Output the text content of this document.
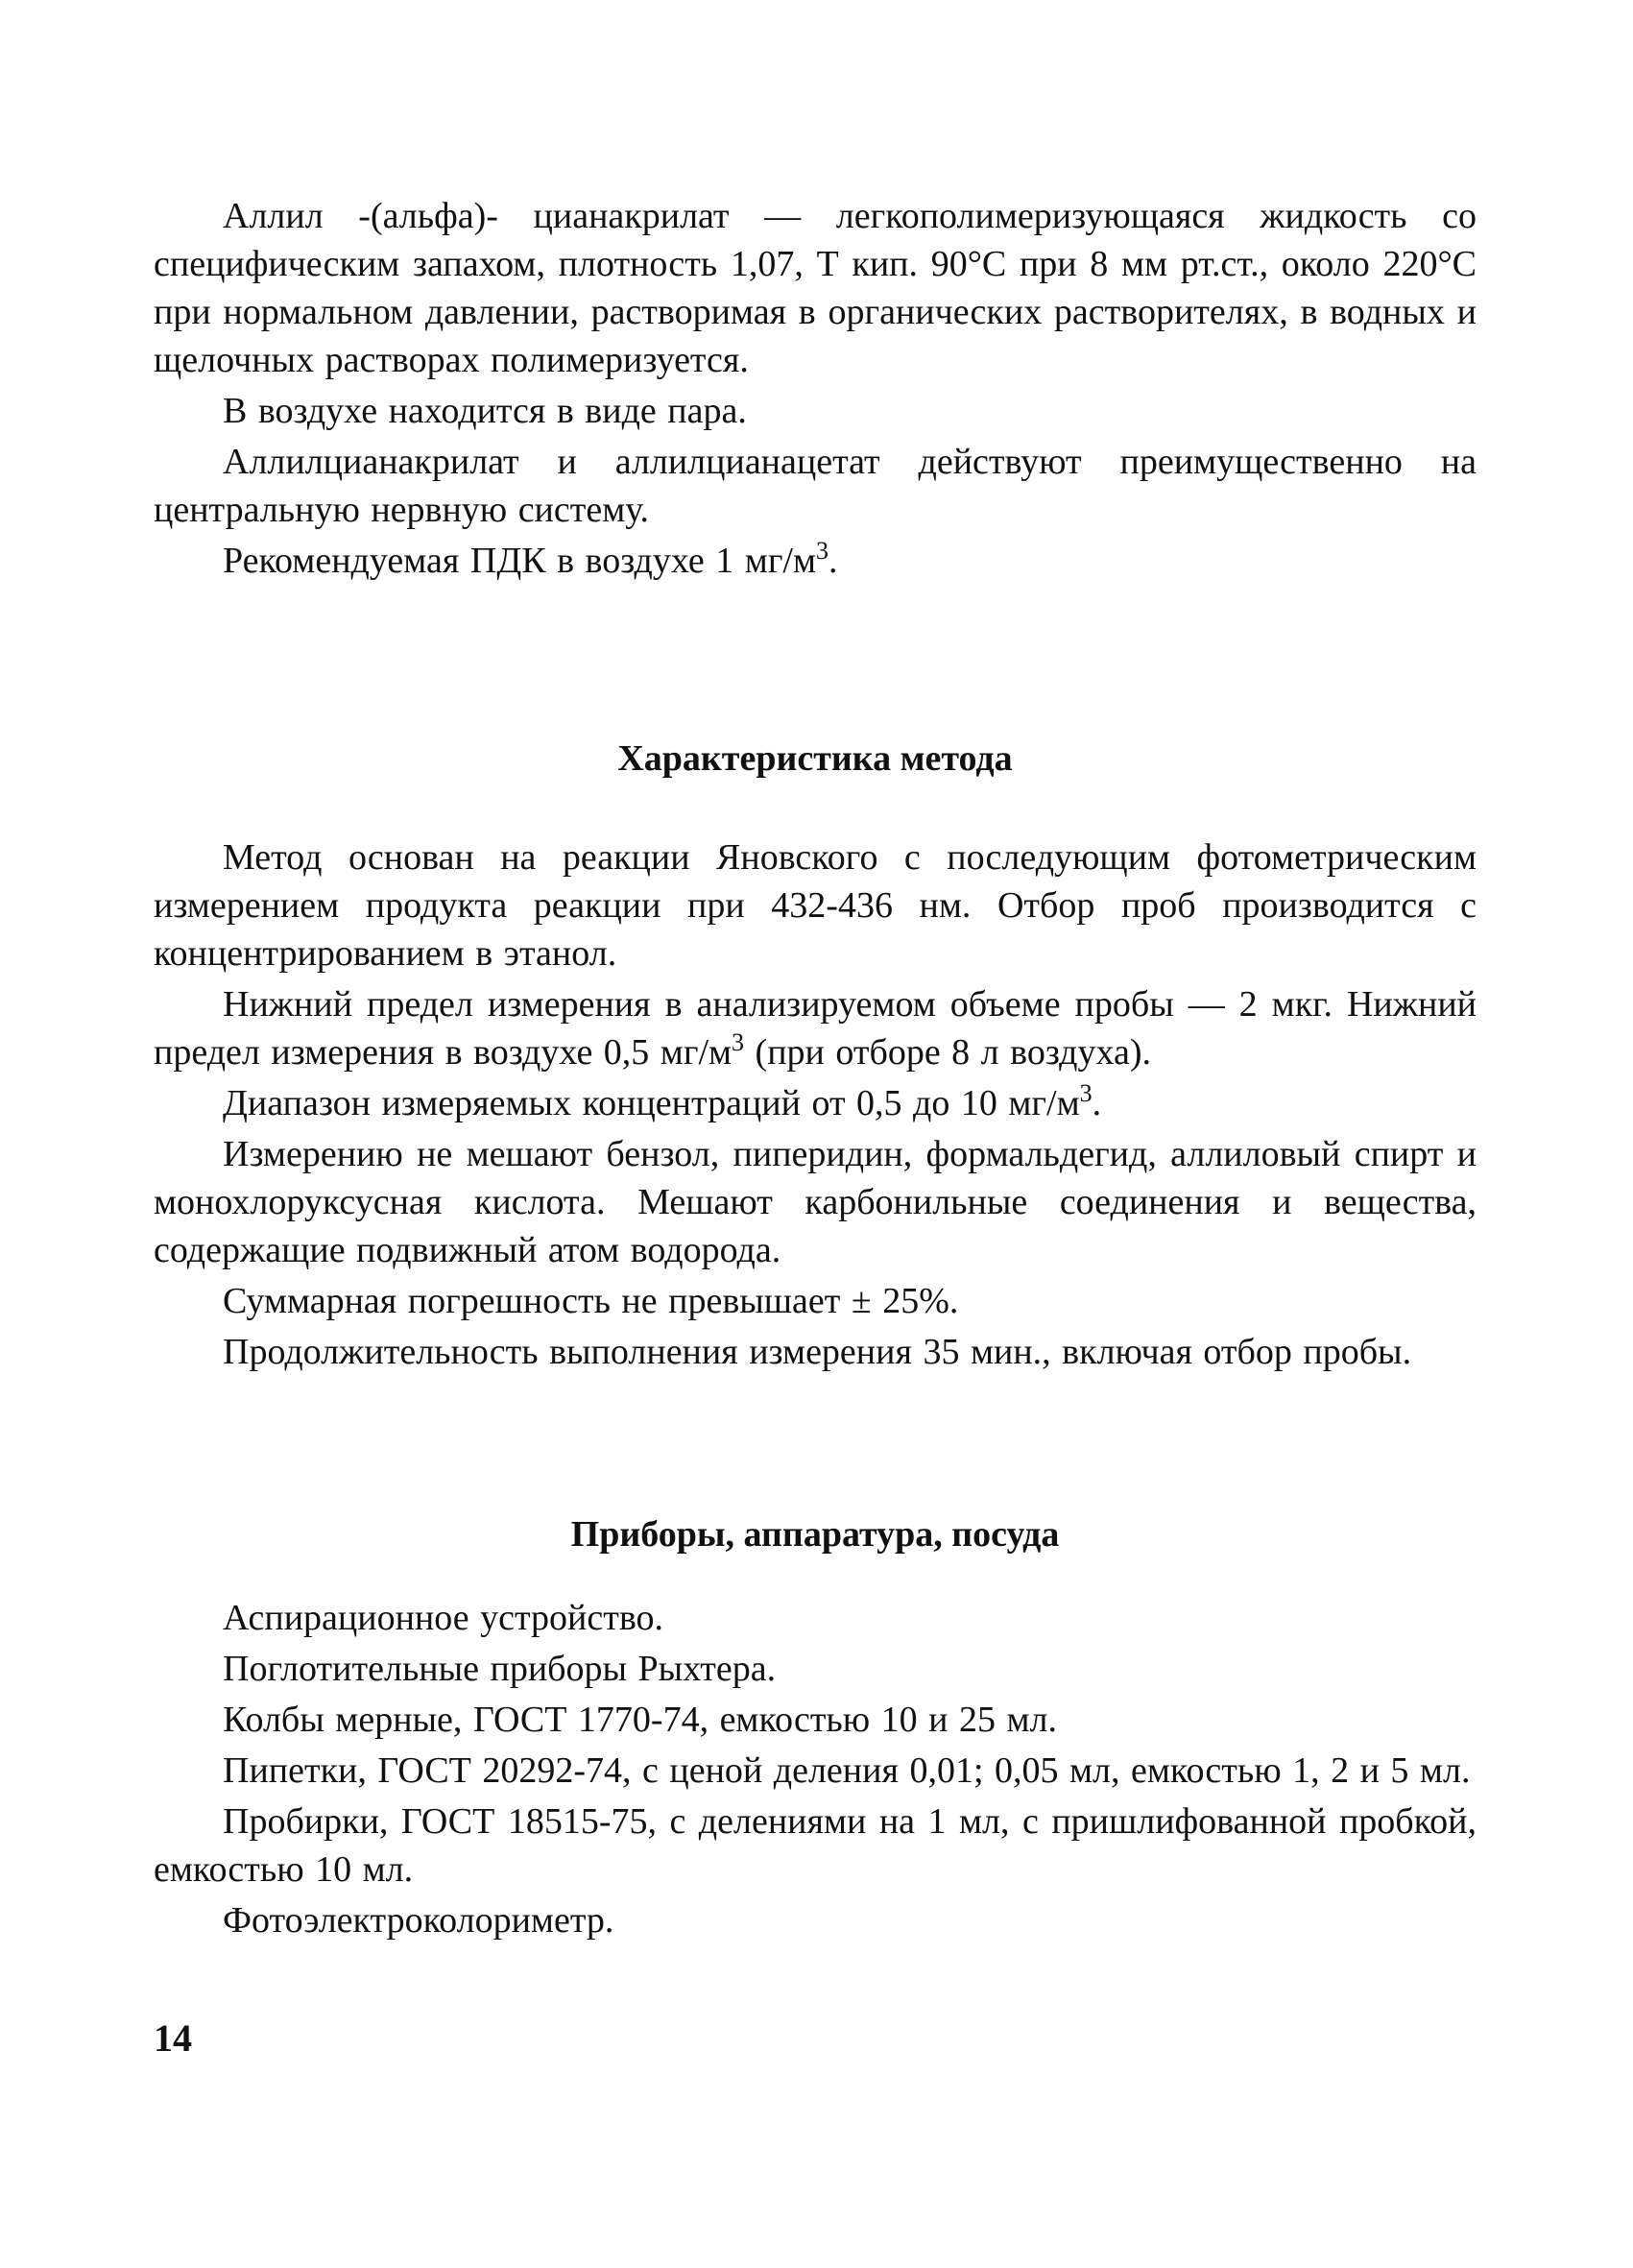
Аллил -(альфа)- цианакрилат — легкополимеризующаяся жидкость со специфическим запахом, плотность 1,07, Т кип. 90°С при 8 мм рт.ст., около 220°С при нормальном давлении, растворимая в органических растворителях, в водных и щелочных растворах полимеризуется.

В воздухе находится в виде пара.

Аллилцианакрилат и аллилцианацетат действуют преимущественно на центральную нервную систему.

Рекомендуемая ПДК в воздухе 1 $мг/м^3$.

Характеристика метода

Метод основан на реакции Яновского с последующим фотометрическим измерением продукта реакции при 432-436 нм. Отбор проб производится с концентрированием в этанол.

Нижний предел измерения в анализируемом объеме пробы — 2 мкг. Нижний предел измерения в воздухе 0,5 $мг/м^3$ (при отборе 8 л воздуха).

Диапазон измеряемых концентраций от 0,5 до 10 $мг/м^3$.

Измерению не мешают бензол, пиперидин, формальдегид, аллиловый спирт и монохлоруксусная кислота. Мешают карбонильные соединения и вещества, содержащие подвижный атом водорода.

Суммарная погрешность не превышает ± 25%.

Продолжительность выполнения измерения 35 мин., включая отбор пробы.

Приборы, аппаратура, посуда

Аспирационное устройство.

Поглотительные приборы Рыхтера.

Колбы мерные, ГОСТ 1770-74, емкостью 10 и 25 мл.

Пипетки, ГОСТ 20292-74, с ценой деления 0,01; 0,05 мл, емкостью 1, 2 и 5 мл.

Пробирки, ГОСТ 18515-75, с делениями на 1 мл, с пришлифованной пробкой, емкостью 10 мл.

Фотоэлектроколориметр.

14
